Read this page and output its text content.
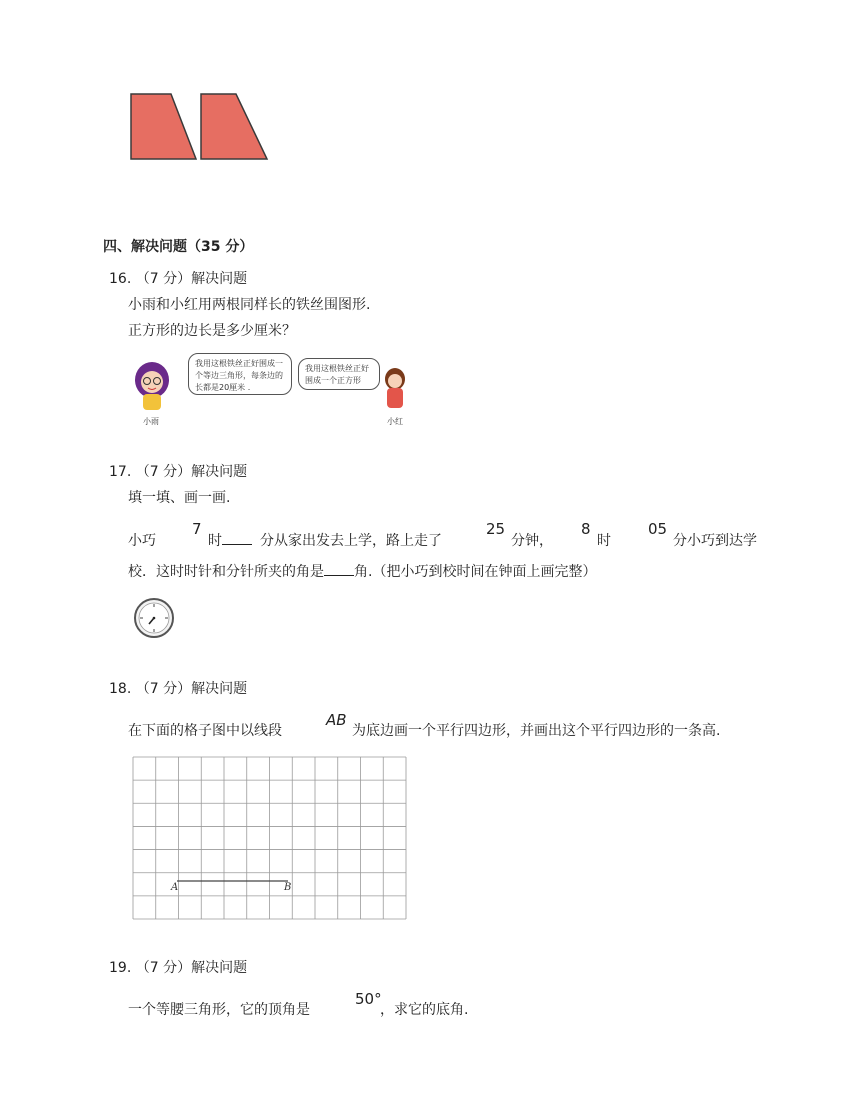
四、解决问题（35 分）
16. （7 分）解决问题
小雨和小红用两根同样长的铁丝围图形.
正方形的边长是多少厘米？
我用这根铁丝正好围成一个等边三角形，每条边的长都是20厘米 .
我用这根铁丝正好围成一个正方形
小雨	小红
17. （7 分）解决问题
填一填、画一画.
小巧
7
时	分从家出发去上学，路上走了
25
分钟，
8
时
05
分小巧到达学
校．这时时针和分针所夹的角是 角.（把小巧到校时间在钟面上画完整）
18. （7 分）解决问题
在下面的格子图中以线段
AB
为底边画一个平行四边形，并画出这个平行四边形的一条高.
A	B
19. （7 分）解决问题
一个等腰三角形，它的顶角是
50°
，求它的底角.
